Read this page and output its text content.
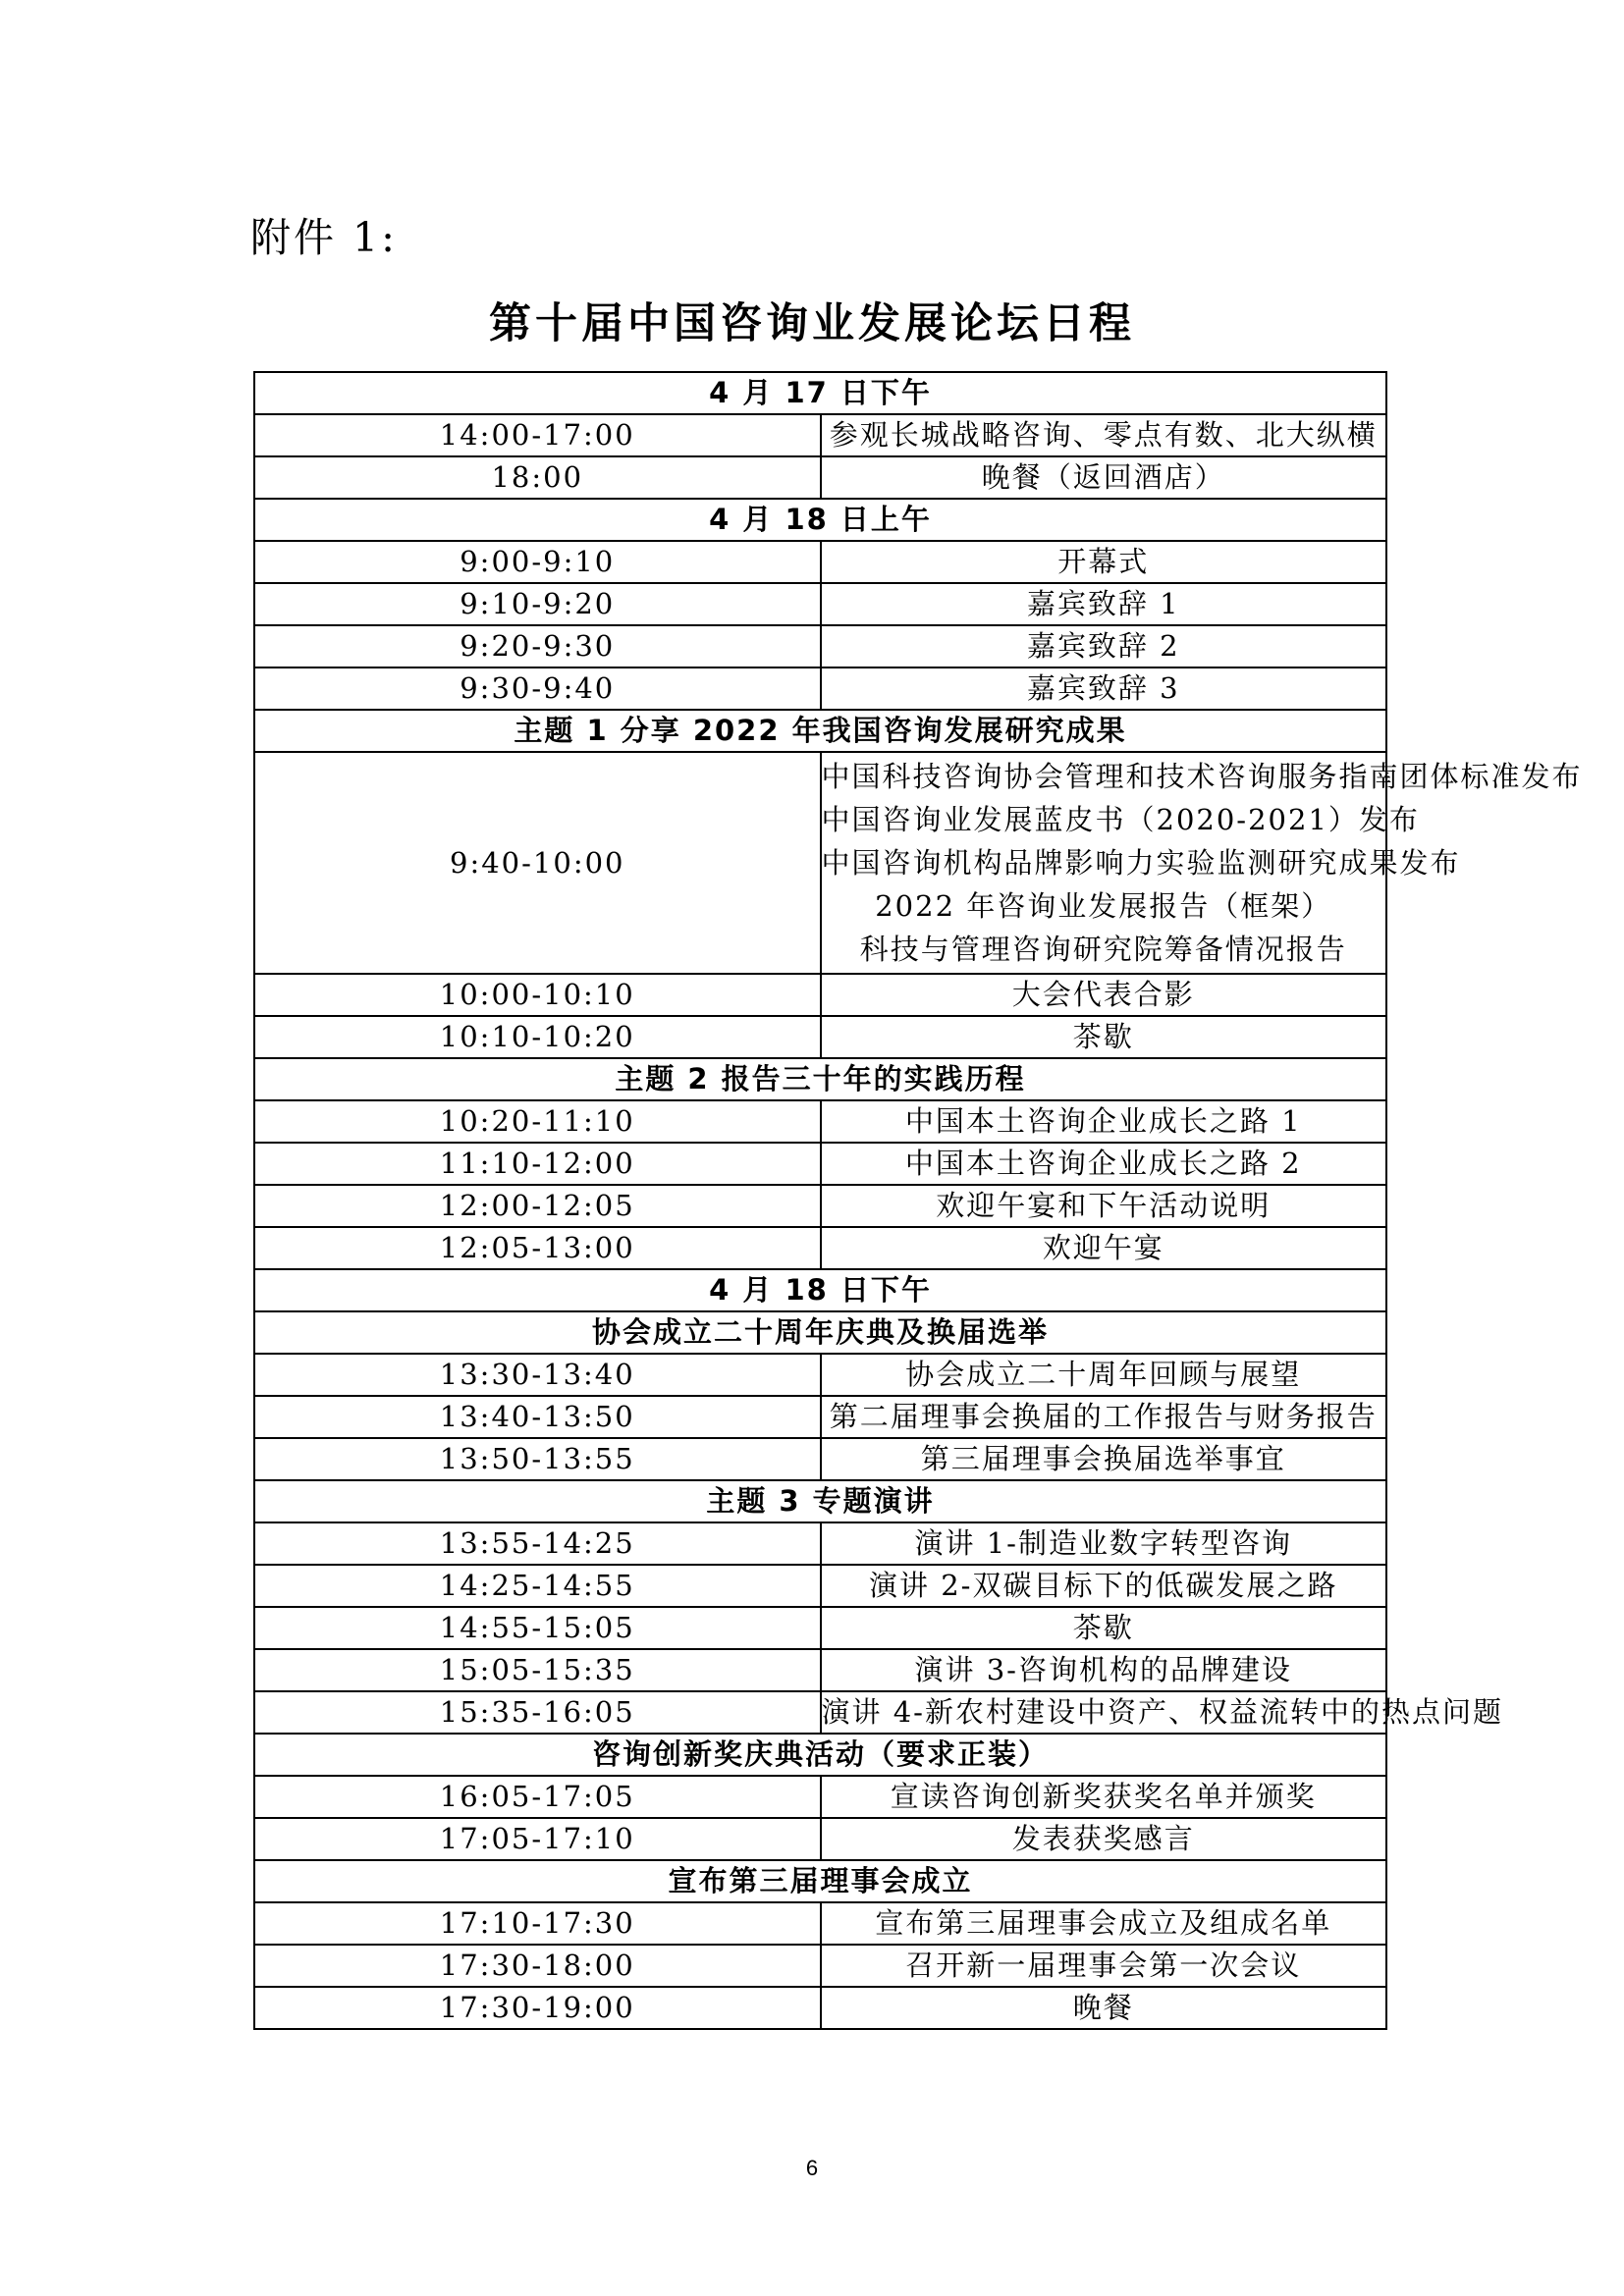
附件 1:
第十届中国咨询业发展论坛日程
4 月 17 日下午	
14:00-17:00	参观长城战略咨询、零点有数、北大纵横
18:00	晚餐（返回酒店）
4 月 18 日上午	
9:00-9:10	开幕式
9:10-9:20	嘉宾致辞 1
9:20-9:30	嘉宾致辞 2
9:30-9:40	嘉宾致辞 3
主题 1 分享 2022 年我国咨询发展研究成果	
9:40-10:00	中国科技咨询协会管理和技术咨询服务指南团体标准发布
中国咨询业发展蓝皮书（2020-2021）发布
中国咨询机构品牌影响力实验监测研究成果发布
2022 年咨询业发展报告（框架）
科技与管理咨询研究院筹备情况报告

10:00-10:10	大会代表合影
10:10-10:20	茶歇
主题 2 报告三十年的实践历程	
10:20-11:10	中国本土咨询企业成长之路 1
11:10-12:00	中国本土咨询企业成长之路 2
12:00-12:05	欢迎午宴和下午活动说明
12:05-13:00	欢迎午宴
4 月 18 日下午	
协会成立二十周年庆典及换届选举	
13:30-13:40	协会成立二十周年回顾与展望
13:40-13:50	第二届理事会换届的工作报告与财务报告
13:50-13:55	第三届理事会换届选举事宜
主题 3 专题演讲	
13:55-14:25	演讲 1-制造业数字转型咨询
14:25-14:55	演讲 2-双碳目标下的低碳发展之路
14:55-15:05	茶歇
15:05-15:35	演讲 3-咨询机构的品牌建设
15:35-16:05	演讲 4-新农村建设中资产、权益流转中的热点问题
咨询创新奖庆典活动（要求正装）	
16:05-17:05	宣读咨询创新奖获奖名单并颁奖
17:05-17:10	发表获奖感言
宣布第三届理事会成立	
17:10-17:30	宣布第三届理事会成立及组成名单
17:30-18:00	召开新一届理事会第一次会议
17:30-19:00	晚餐
6
